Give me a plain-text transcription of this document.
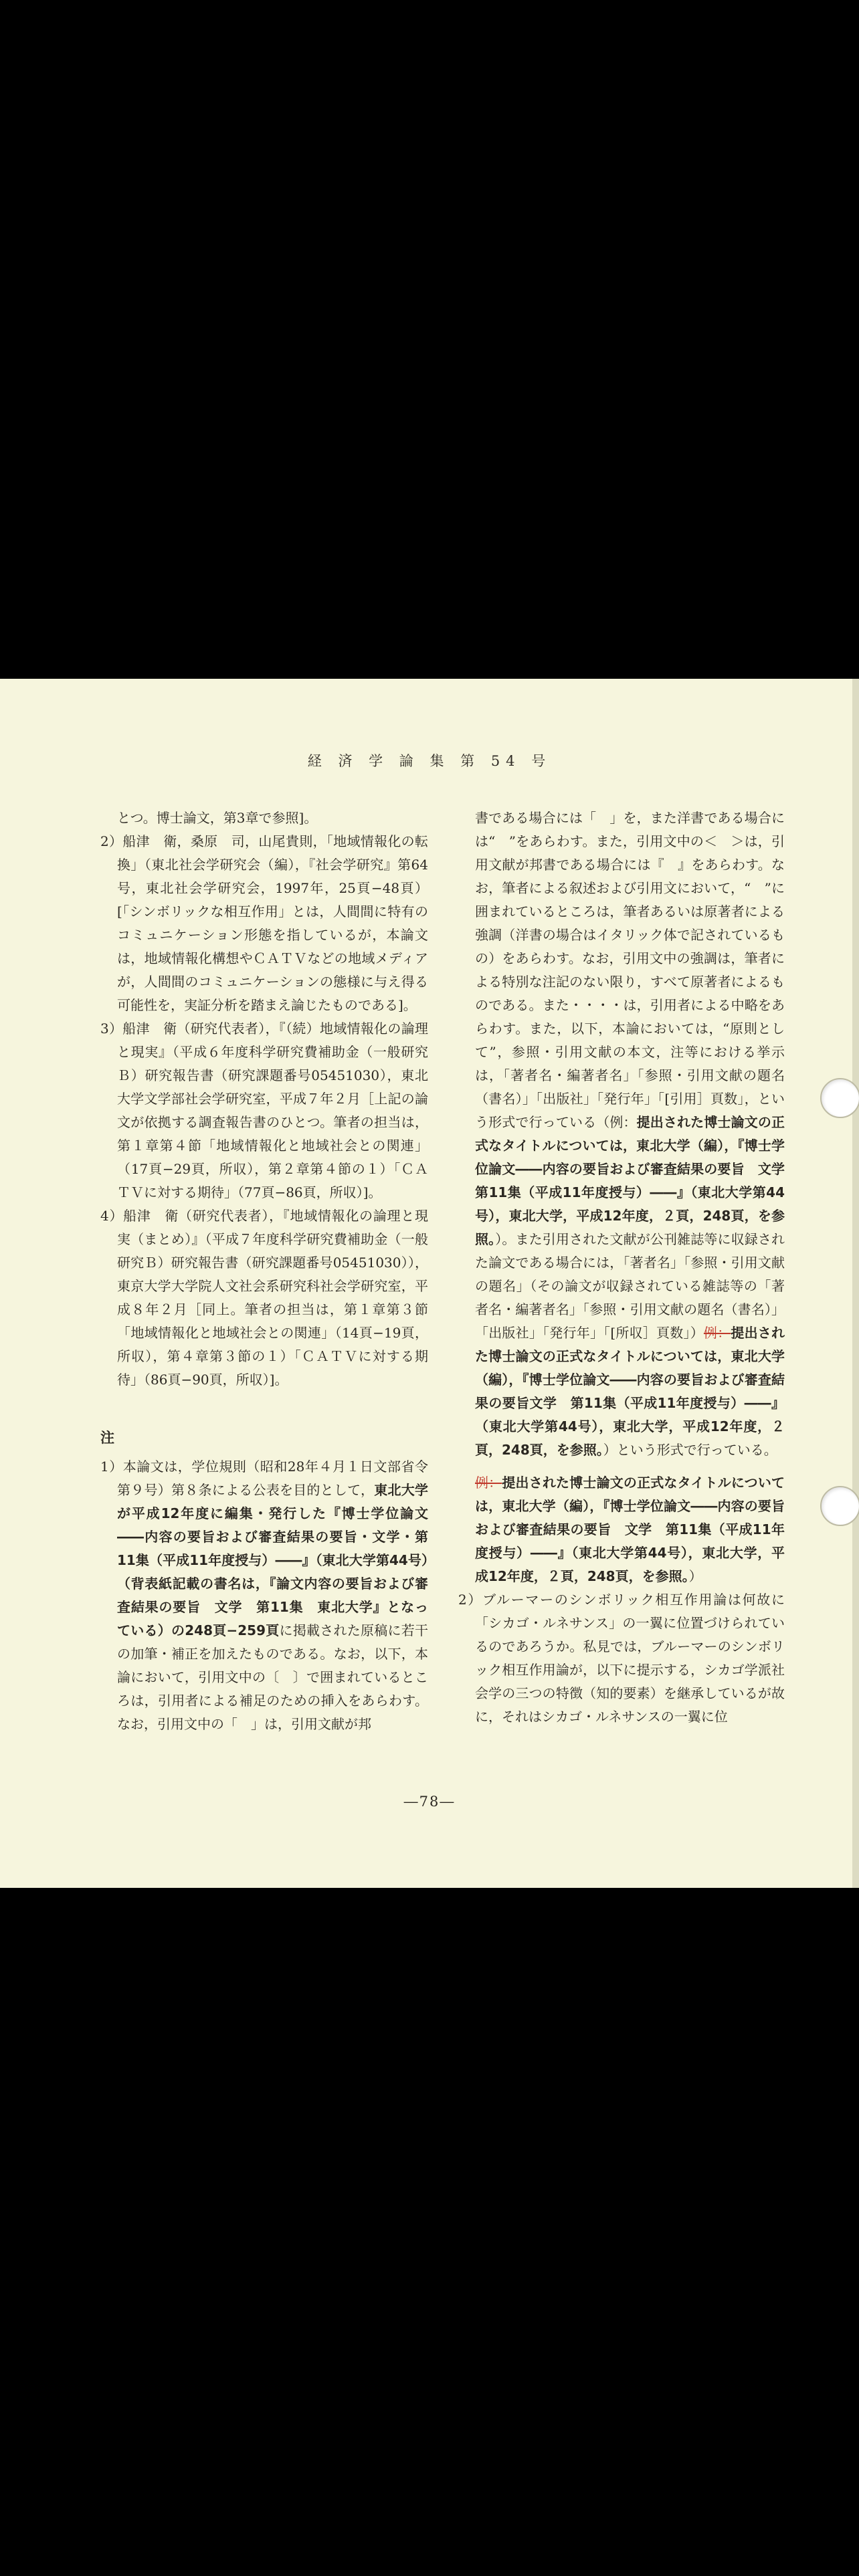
経 済 学 論 集 第 54 号

とつ。博士論文，第3章で参照]。

2）船津　衛，桑原　司，山尾貴則，「地域情報化の転換」（東北社会学研究会（編），『社会学研究』第64号，東北社会学研究会，1997年，25頁−48頁）[「シンボリックな相互作用」とは，人間間に特有のコミュニケーション形態を指しているが，本論文は，地域情報化構想やＣＡＴＶなどの地域メディアが，人間間のコミュニケーションの態様に与え得る可能性を，実証分析を踏まえ論じたものである]。

3）船津　衛（研究代表者），『（続）地域情報化の論理と現実』（平成６年度科学研究費補助金（一般研究Ｂ）研究報告書（研究課題番号05451030），東北大学文学部社会学研究室，平成７年２月［上記の論文が依拠する調査報告書のひとつ。筆者の担当は，第１章第４節「地域情報化と地域社会との関連」（17頁−29頁，所収），第２章第４節の１）「ＣＡＴＶに対する期待」（77頁−86頁，所収）]。

4）船津　衛（研究代表者），『地域情報化の論理と現実（まとめ）』（平成７年度科学研究費補助金（一般研究Ｂ）研究報告書（研究課題番号05451030）），東京大学大学院人文社会系研究科社会学研究室，平成８年２月［同上。筆者の担当は，第１章第３節「地域情報化と地域社会との関連」（14頁−19頁，所収），第４章第３節の１）「ＣＡＴＶに対する期待」（86頁−90頁，所収）]。

注

1）本論文は，学位規則（昭和28年４月１日文部省令第９号）第８条による公表を目的として，東北大学が平成12年度に編集・発行した『博士学位論文――内容の要旨および審査結果の要旨・文学・第11集（平成11年度授与）――』（東北大学第44号）（背表紙記載の書名は，『論文内容の要旨および審査結果の要旨　文学　第11集　東北大学』となっている）の248頁−259頁に掲載された原稿に若干の加筆・補正を加えたものである。なお，以下，本論において，引用文中の〔　〕で囲まれているところは，引用者による補足のための挿入をあらわす。なお，引用文中の「　」は，引用文献が邦

書である場合には「　」を，また洋書である場合には“　”をあらわす。また，引用文中の＜　＞は，引用文献が邦書である場合には『　』をあらわす。なお，筆者による叙述および引用文において，“　”に囲まれているところは，筆者あるいは原著者による強調（洋書の場合はイタリック体で記されているもの）をあらわす。なお，引用文中の強調は，筆者による特別な注記のない限り，すべて原著者によるものである。また・・・・は，引用者による中略をあらわす。また，以下，本論においては，“原則として”，参照・引用文献の本文，注等における挙示は，「著者名・編著者名」「参照・引用文献の題名（書名）」「出版社」「発行年」「[引用］頁数」，という形式で行っている（例：提出された博士論文の正式なタイトルについては，東北大学（編），『博士学位論文――内容の要旨および審査結果の要旨　文学　第11集（平成11年度授与）――』（東北大学第44号），東北大学，平成12年度，２頁，248頁，を参照。）。また引用された文献が公刊雑誌等に収録された論文である場合には，「著者名」「参照・引用文献の題名」（その論文が収録されている雑誌等の「著者名・編著者名」「参照・引用文献の題名（書名）」「出版社」「発行年」「[所収］頁数」）例：提出された博士論文の正式なタイトルについては，東北大学（編），『博士学位論文――内容の要旨および審査結果の要旨文学　第11集（平成11年度授与）――』（東北大学第44号），東北大学，平成12年度，２頁，248頁，を参照。）という形式で行っている。

例：提出された博士論文の正式なタイトルについては，東北大学（編），『博士学位論文――内容の要旨および審査結果の要旨　文学　第11集（平成11年度授与）――』（東北大学第44号），東北大学，平成12年度，２頁，248頁，を参照。）

2）ブルーマーのシンボリック相互作用論は何故に「シカゴ・ルネサンス」の一翼に位置づけられているのであろうか。私見では，ブルーマーのシンボリック相互作用論が，以下に提示する，シカゴ学派社会学の三つの特徴（知的要素）を継承しているが故に，それはシカゴ・ルネサンスの一翼に位

―78―
